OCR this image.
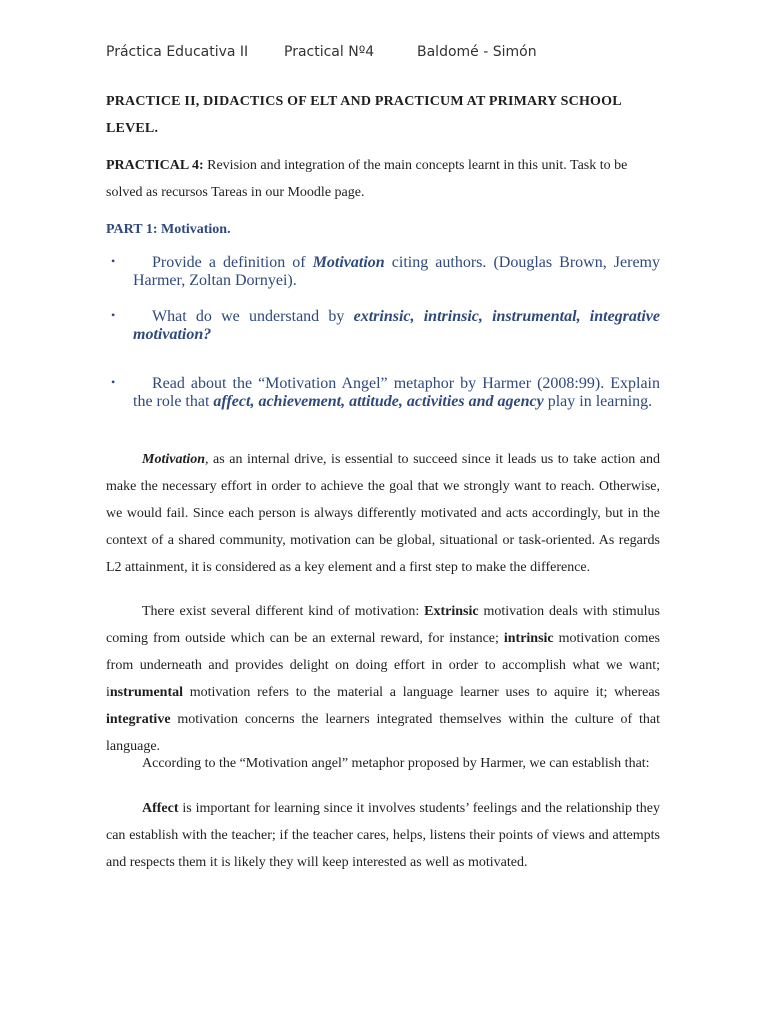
Práctica Educativa II	Practical Nº4	Baldomé - Simón
PRACTICE II, DIDACTICS OF ELT AND PRACTICUM AT PRIMARY SCHOOL LEVEL.
PRACTICAL 4: Revision and integration of the main concepts learnt in this unit. Task to be solved as recursos Tareas in our Moodle page.
PART 1: Motivation.
•	Provide a definition of Motivation citing authors. (Douglas Brown, Jeremy Harmer, Zoltan Dornyei).
•	What do we understand by extrinsic, intrinsic, instrumental, integrative motivation?
•	Read about the “Motivation Angel” metaphor by Harmer (2008:99). Explain the role that affect, achievement, attitude, activities and agency play in learning.

Motivation, as an internal drive, is essential to succeed since it leads us to take action and make the necessary effort in order to achieve the goal that we strongly want to reach. Otherwise, we would fail. Since each person is always differently motivated and acts accordingly, but in the context of a shared community, motivation can be global, situational or task-oriented. As regards L2 attainment, it is considered as a key element and a first step to make the difference.

There exist several different kind of motivation: Extrinsic motivation deals with stimulus coming from outside which can be an external reward, for instance; intrinsic motivation comes from underneath and provides delight on doing effort in order to accomplish what we want; instrumental motivation refers to the material a language learner uses to aquire it; whereas integrative motivation concerns the learners integrated themselves within the culture of that language.

According to the “Motivation angel” metaphor proposed by Harmer, we can establish that:

Affect is important for learning since it involves students’ feelings and the relationship they can establish with the teacher; if the teacher cares, helps, listens their points of views and attempts and respects them it is likely they will keep interested as well as motivated.
